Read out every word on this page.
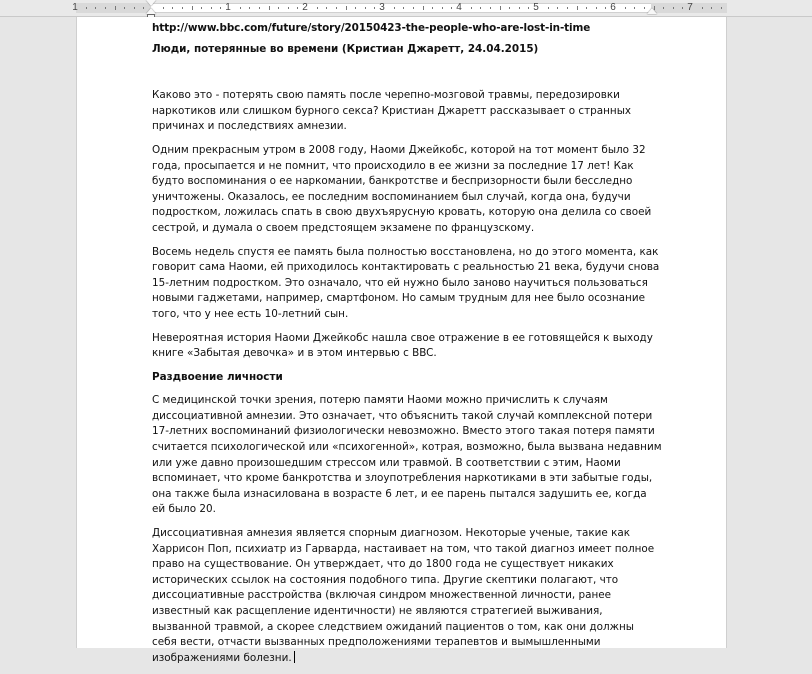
1	1	2	3	4	5	6	7

http://www.bbc.com/future/story/20150423-the-people-who-are-lost-in-time

Люди, потерянные во времени (Кристиан Джаретт, 24.04.2015)

Каково это - потерять свою память после черепно-мозговой травмы, передозировки наркотиков или слишком бурного секса? Кристиан Джаретт рассказывает о странных причинах и последствиях амнезии.

Одним прекрасным утром в 2008 году, Наоми Джейкобс, которой на тот момент было 32 года, просыпается и не помнит, что происходило в ее жизни за последние 17 лет! Как будто воспоминания о ее наркомании, банкротстве и беспризорности были бесследно уничтожены. Оказалось, ее последним воспоминанием был случай, когда она, будучи подростком, ложилась спать в свою двухъярусную кровать, которую она делила со своей сестрой, и думала о своем предстоящем экзамене по французскому.

Восемь недель спустя ее память была полностью восстановлена, но до этого момента, как говорит сама Наоми, ей приходилось контактировать с реальностью 21 века, будучи снова 15-летним подростком. Это означало, что ей нужно было заново научиться пользоваться новыми гаджетами, например, смартфоном. Но самым трудным для нее было осознание того, что у нее есть 10-летний сын.

Невероятная история Наоми Джейкобс нашла свое отражение в ее готовящейся к выходу книге «Забытая девочка» и в этом интервью с BBC.

Раздвоение личности

С медицинской точки зрения, потерю памяти Наоми можно причислить к случаям диссоциативной амнезии. Это означает, что объяснить такой случай комплексной потери 17-летних воспоминаний физиологически невозможно. Вместо этого такая потеря памяти считается психологической или «психогенной», котрая, возможно, была вызвана недавним или уже давно произошедшим стрессом или травмой. В соответствии с этим, Наоми вспоминает, что кроме банкротства и злоупотребления наркотиками в эти забытые годы, она также была изнасилована в возрасте 6 лет, и ее парень пытался задушить ее, когда ей было 20.

Диссоциативная амнезия является спорным диагнозом. Некоторые ученые, такие как Харрисон Поп, психиатр из Гарварда, настаивает на том, что такой диагноз имеет полное право на существование. Он утверждает, что до 1800 года не существует никаких исторических ссылок на состояния подобного типа. Другие скептики полагают, что диссоциативные расстройства (включая синдром множественной личности, ранее известный как расщепление идентичности) не являются стратегией выживания, вызванной травмой, а скорее следствием ожиданий пациентов о том, как они должны себя вести, отчасти вызванных предположениями терапевтов и вымышленными изображениями болезни.
